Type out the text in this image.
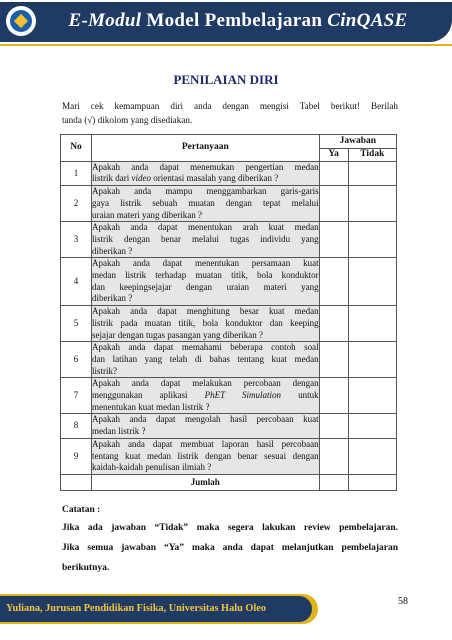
E-Modul Model Pembelajaran CinQASE
PENILAIAN DIRI
Mari cek kemampuan diri anda dengan mengisi Tabel berikut! Berilah
tanda (√) dikolom yang disediakan.
No	Pertanyaan	Jawaban	
		Ya	Tidak
1	Apakah anda dapat menemukan pengertian medan
listrik dari video orientasi masalah yang diberikan ?		

2	Apakah anda mampu menggambarkan garis-garis
gaya listrik sebuah muatan dengan tepat melalui
uraian materi yang diberikan ?		

3	Apakah anda dapat menentukan arah kuat medan
listrik dengan benar melalui tugas individu yang
diberikan ?		

4	Apakah anda dapat menentukan persamaan kuat
medan listrik terhadap muatan titik, bola konduktor
dan keepingsejajar dengan uraian materi yang
diberikan ?		

5	Apakah anda dapat menghitung besar kuat medan
listrik pada muatan titik, bola konduktor dan keeping
sejajar dengan tugas pasangan yang diberikan ?		

6	Apakah anda dapat memahami beberapa contoh soal
dan latihan yang telah di bahas tentang kuat medan
listrik?		

7	Apakah anda dapat melakukan percobaan dengan
menggunakan aplikasi PhET Simulation untuk
menentukan kuat medan listrik ?		

8	Apakah anda dapat mengolah hasil percobaan kuat
medan listrik ?		

9	Apakah anda dapat membuat laporan hasil percobaan
tentang kuat medan listrik dengan benar sesuai dengan
kaidah-kaidah penulisan ilmiah ?		

	Jumlah		
Catatan :
Jika ada jawaban “Tidak” maka segera lakukan review pembelajaran.
Jika semua jawaban “Ya” maka anda dapat melanjutkan pembelajaran
berikutnya.
58
Yuliana, Jurusan Pendidikan Fisika, Universitas Halu Oleo
